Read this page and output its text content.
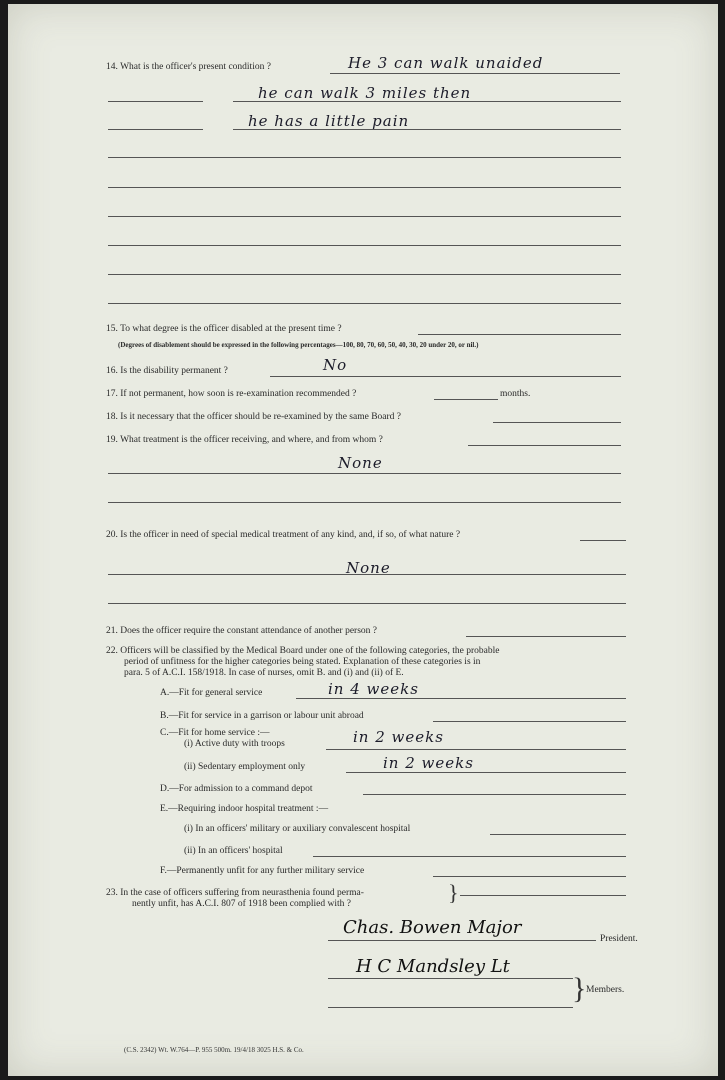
14. What is the officer's present condition ?	He 3 can walk unaided
he can walk 3 miles then
he has a little pain
15. To what degree is the officer disabled at the present time ?
(Degrees of disablement should be expressed in the following percentages—100, 80, 70, 60, 50, 40, 30, 20 under 20, or nil.)
16. Is the disability permanent ?	No
17. If not permanent, how soon is re-examination recommended ?	months.
18. Is it necessary that the officer should be re-examined by the same Board ?
19. What treatment is the officer receiving, and where, and from whom ?
None
20. Is the officer in need of special medical treatment of any kind, and, if so, of what nature ?
None
21. Does the officer require the constant attendance of another person ?
22. Officers will be classified by the Medical Board under one of the following categories, the probable
period of unfitness for the higher categories being stated. Explanation of these categories is in
para. 5 of A.C.I. 158/1918. In case of nurses, omit B. and (i) and (ii) of E.
A.—Fit for general service	in 4 weeks
B.—Fit for service in a garrison or labour unit abroad
C.—Fit for home service :—
(i) Active duty with troops	in 2 weeks
(ii) Sedentary employment only	in 2 weeks
D.—For admission to a command depot
E.—Requiring indoor hospital treatment :—
(i) In an officers' military or auxiliary convalescent hospital
(ii) In an officers' hospital
F.—Permanently unfit for any further military service
23. In the case of officers suffering from neurasthenia found perma-
nently unfit, has A.C.I. 807 of 1918 been complied with ?	}
Chas. Bowen Major
President.
H C Mandsley Lt
} Members.
(C.S. 2342) Wt. W.764—P. 955 500m. 19/4/18 3025 H.S. & Co.
